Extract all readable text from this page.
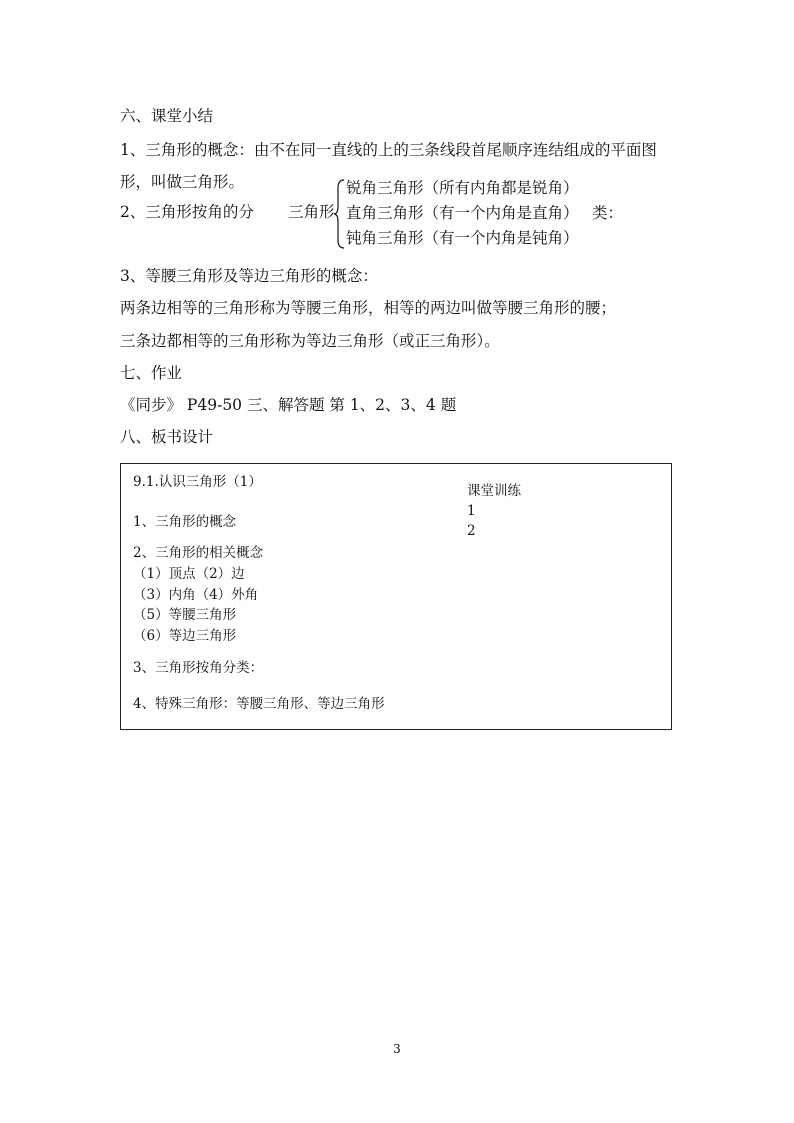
六、课堂小结
1、三角形的概念：由不在同一直线的上的三条线段首尾顺序连结组成的平面图
形，叫做三角形。
2、三角形按角的分 三角形
锐角三角形（所有内角都是锐角）
直角三角形（有一个内角是直角）
钝角三角形（有一个内角是钝角）
类：
3、等腰三角形及等边三角形的概念：
两条边相等的三角形称为等腰三角形，相等的两边叫做等腰三角形的腰；
三条边都相等的三角形称为等边三角形（或正三角形）。
七、作业
《同步》 P49-50 三、解答题 第 1、2、3、4 题
八、板书设计
9.1.认识三角形（1）
1、三角形的概念
2、三角形的相关概念
（1）顶点（2）边
（3）内角（4）外角
（5）等腰三角形
（6）等边三角形
3、三角形按角分类：
4、特殊三角形：等腰三角形、等边三角形
课堂训练
1
2
3
